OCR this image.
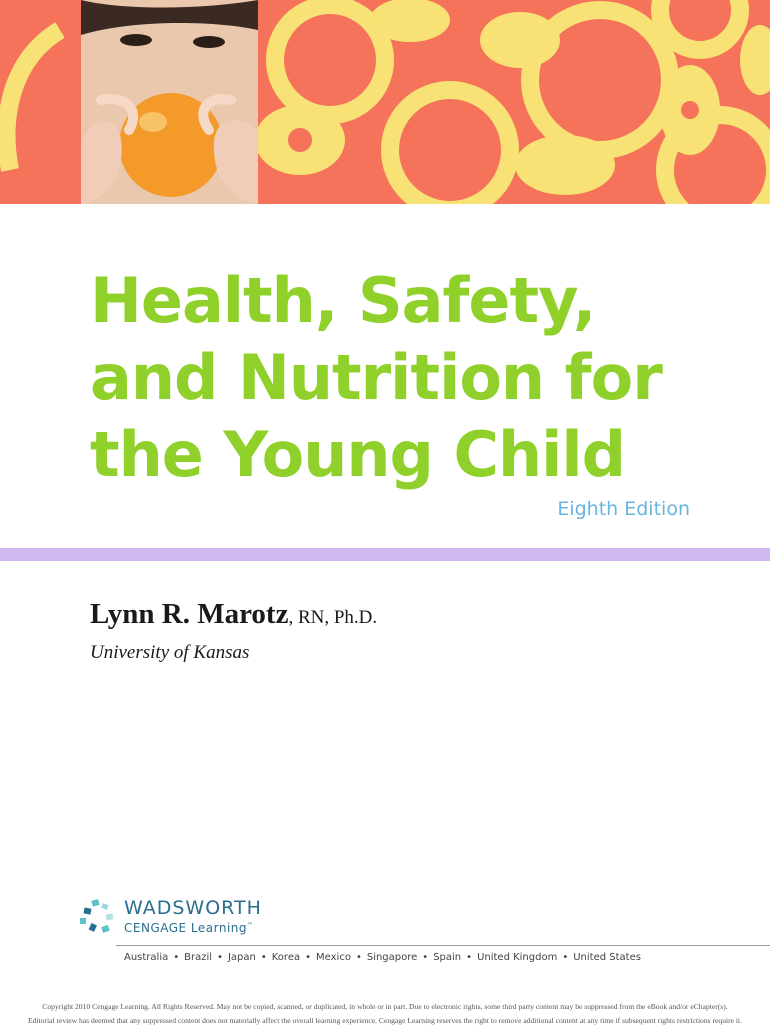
Health, Safety,
and Nutrition for
the Young Child
Eighth Edition
Lynn R. Marotz, RN, Ph.D.
University of Kansas
WADSWORTH
CENGAGE Learning™
Australia • Brazil • Japan • Korea • Mexico • Singapore • Spain • United Kingdom • United States
Copyright 2010 Cengage Learning. All Rights Reserved. May not be copied, scanned, or duplicated, in whole or in part. Due to electronic rights, some third party content may be suppressed from the eBook and/or eChapter(s).
Editorial review has deemed that any suppressed content does not materially affect the overall learning experience. Cengage Learning reserves the right to remove additional content at any time if subsequent rights restrictions require it.
